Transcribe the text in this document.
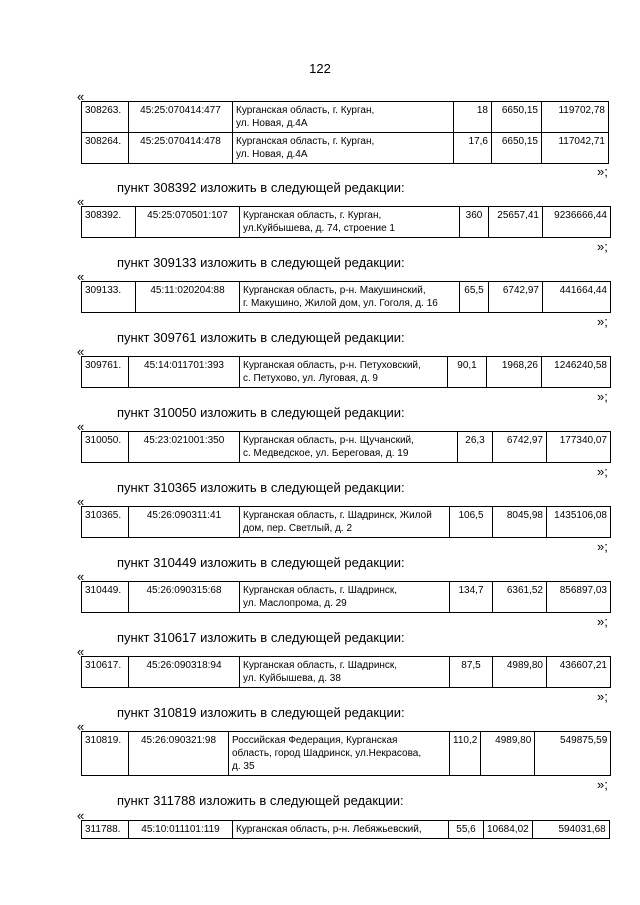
122
«
308263.	45:25:070414:477	Курганская область, г. Курган,
ул. Новая, д.4А	18	6650,15	119702,78
308264.	45:25:070414:478	Курганская область, г. Курган,
ул. Новая, д.4А	17,6	6650,15	117042,71
»;
пункт 308392 изложить в следующей редакции:
«
308392.	45:25:070501:107	Курганская область, г. Курган,
ул.Куйбышева, д. 74, строение 1	360	25657,41	9236666,44
»;
пункт 309133 изложить в следующей редакции:
«
309133.	45:11:020204:88	Курганская область, р-н. Макушинский,
г. Макушино, Жилой дом, ул. Гоголя, д. 16	65,5	6742,97	441664,44
»;
пункт 309761 изложить в следующей редакции:
«
309761.	45:14:011701:393	Курганская область, р-н. Петуховский,
с. Петухово, ул. Луговая, д. 9	90,1	1968,26	1246240,58
»;
пункт 310050 изложить в следующей редакции:
«
310050.	45:23:021001:350	Курганская область, р-н. Щучанский,
с. Медведское, ул. Береговая, д. 19	26,3	6742,97	177340,07
»;
пункт 310365 изложить в следующей редакции:
«
310365.	45:26:090311:41	Курганская область, г. Шадринск, Жилой
дом, пер. Светлый, д. 2	106,5	8045,98	1435106,08
»;
пункт 310449 изложить в следующей редакции:
«
310449.	45:26:090315:68	Курганская область, г. Шадринск,
ул. Маслопрома, д. 29	134,7	6361,52	856897,03
»;
пункт 310617 изложить в следующей редакции:
«
310617.	45:26:090318:94	Курганская область, г. Шадринск,
ул. Куйбышева, д. 38	87,5	4989,80	436607,21
»;
пункт 310819 изложить в следующей редакции:
«
310819.	45:26:090321:98	Российская Федерация, Курганская
область, город Шадринск, ул.Некрасова,
д. 35	110,2	4989,80	549875,59
»;
пункт 311788 изложить в следующей редакции:
«
311788.	45:10:011101:119	Курганская область, р-н. Лебяжьевский,	55,6	10684,02	594031,68
